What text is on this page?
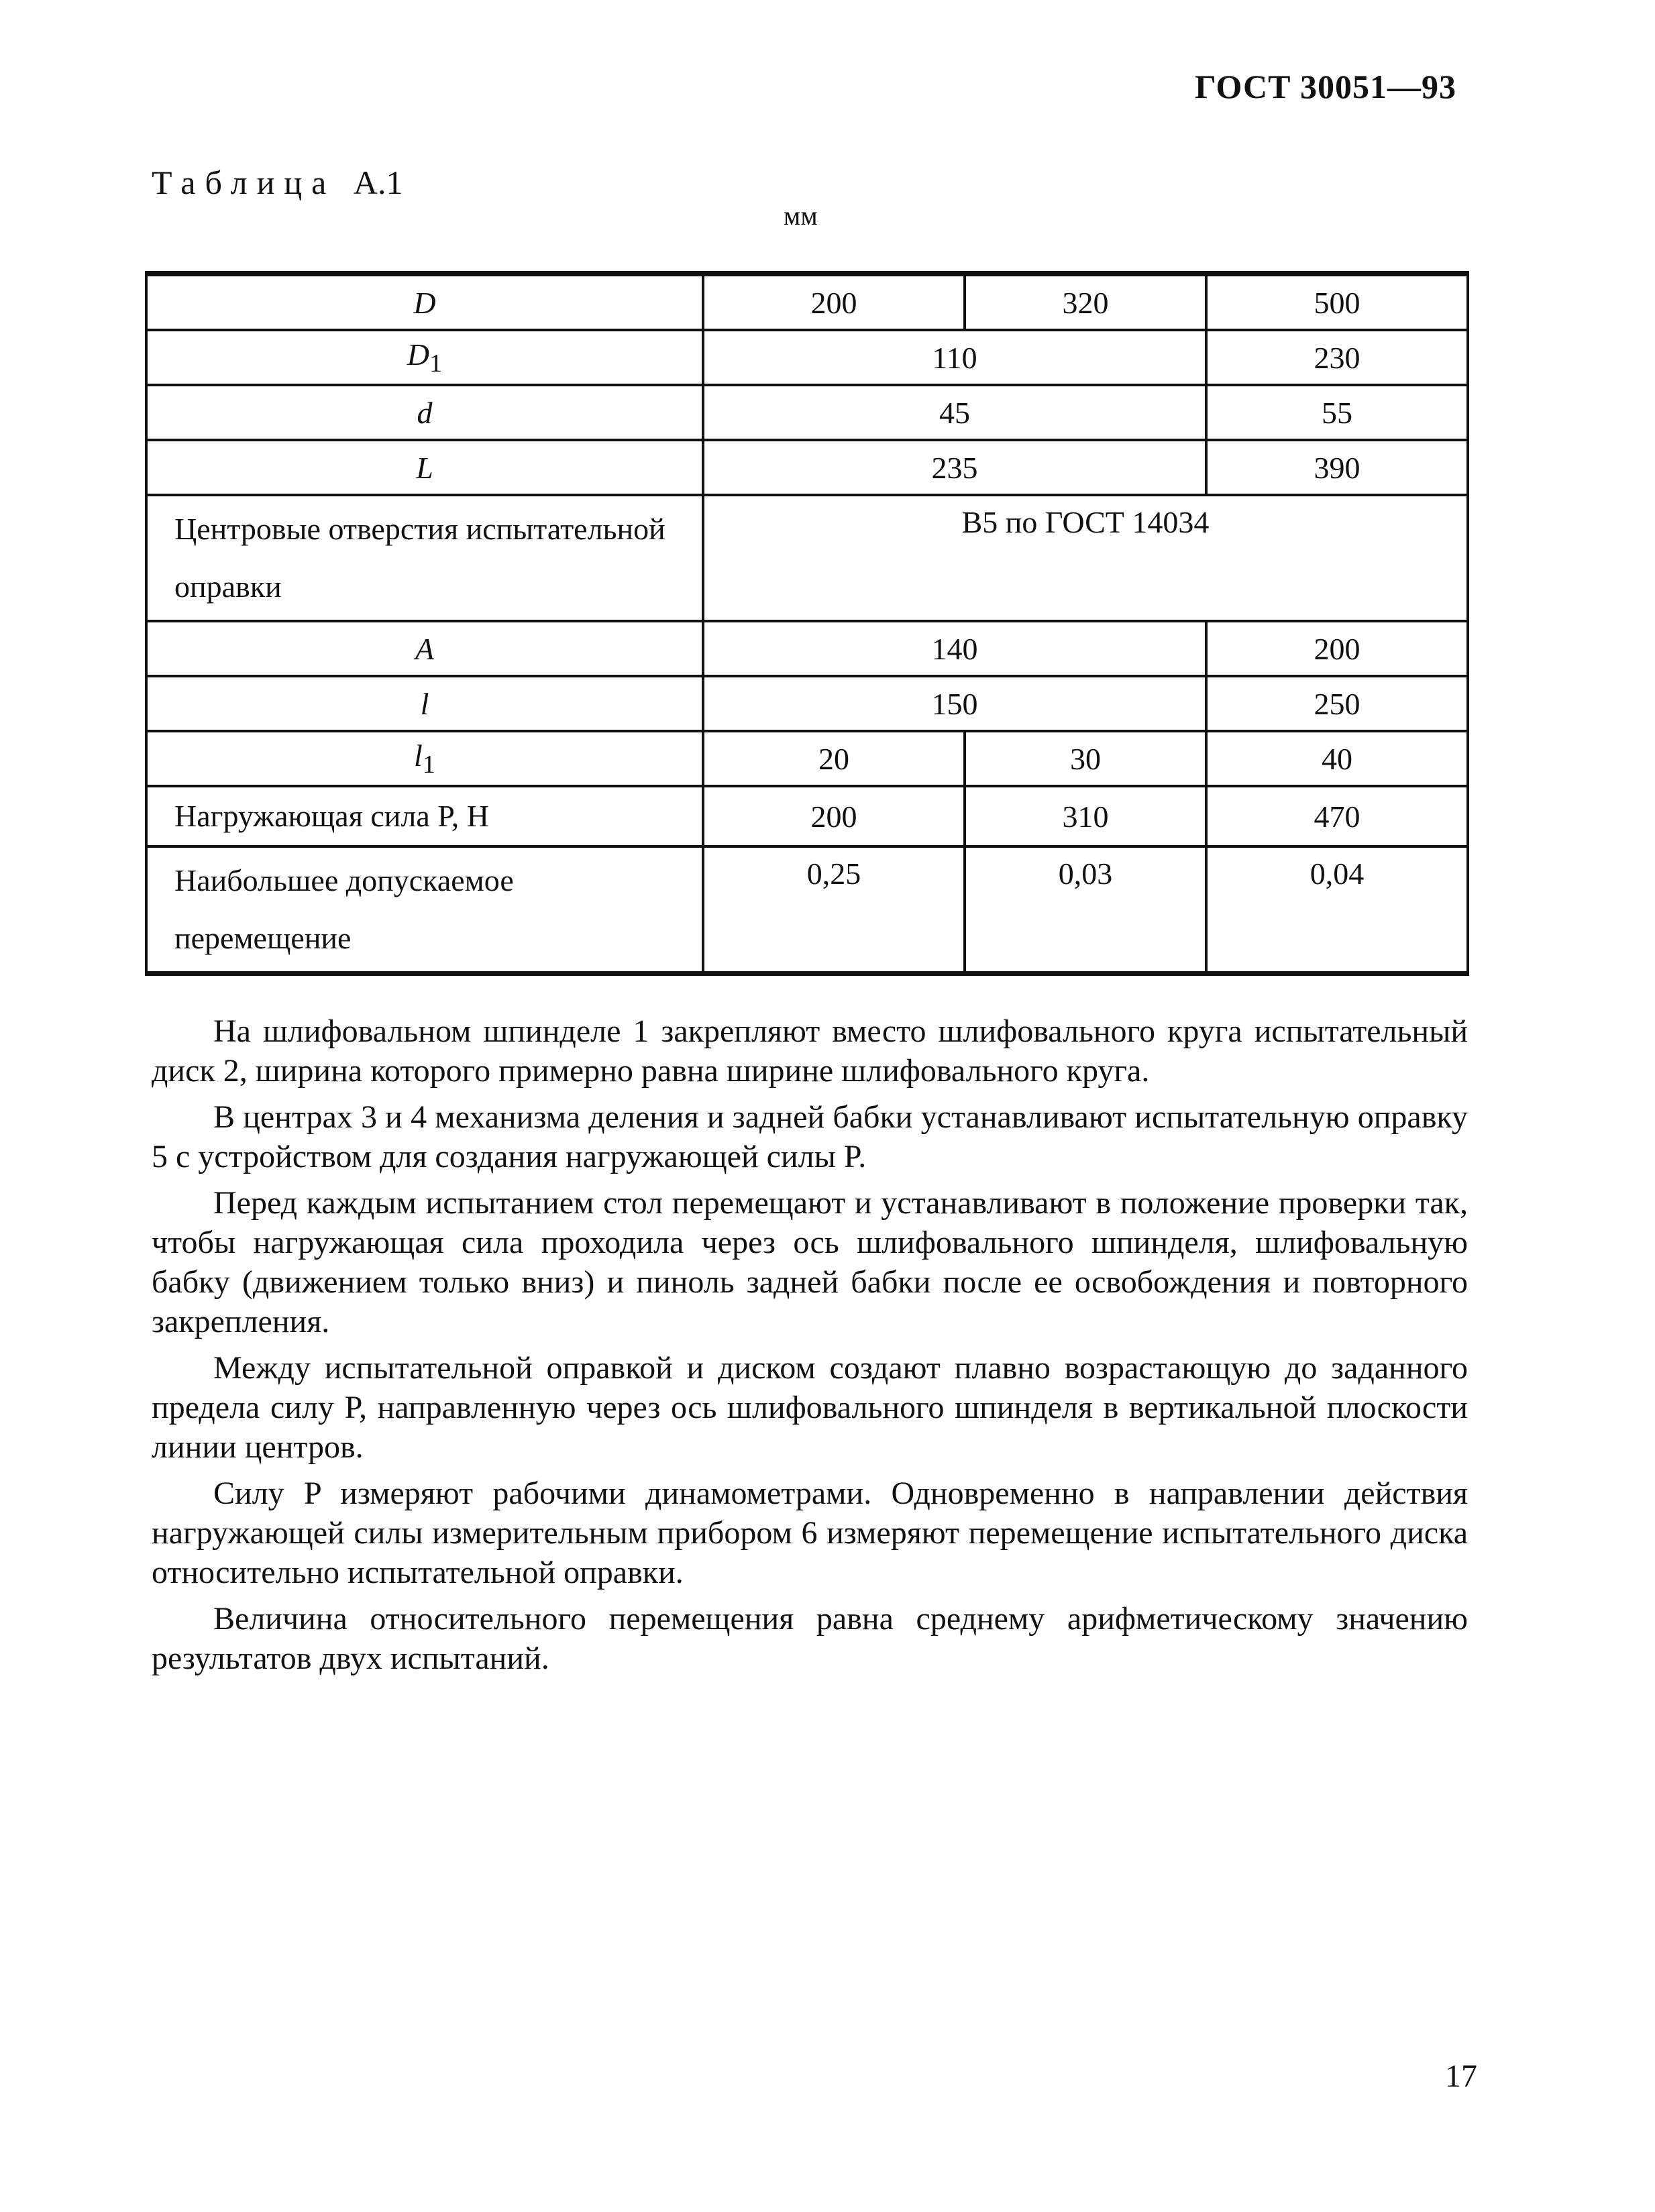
ГОСТ 30051—93
Таблица А.1
мм
D	200	320	500
$D_1$	110		230
d	45		55
L	235		390
Центровые отверстия испытательной оправки	В5 по ГОСТ 14034		
A	140		200
l	150		250
$l_1$	20	30	40
Нагружающая сила P, Н	200	310	470
Наибольшее допускаемое перемещение	0,25	0,03	0,04

На шлифовальном шпинделе 1 закрепляют вместо шлифовального круга испытательный диск 2, ширина которого примерно равна ширине шлифовального круга.

В центрах 3 и 4 механизма деления и задней бабки устанавливают испытательную оправку 5 с устройством для создания нагружающей силы P.

Перед каждым испытанием стол перемещают и устанавливают в положение проверки так, чтобы нагружающая сила проходила через ось шлифовального шпинделя, шлифовальную бабку (движением только вниз) и пиноль задней бабки после ее освобождения и повторного закрепления.

Между испытательной оправкой и диском создают плавно возрастающую до заданного предела силу P, направленную через ось шлифовального шпинделя в вертикальной плоскости линии центров.

Силу P измеряют рабочими динамометрами. Одновременно в направлении действия нагружающей силы измерительным прибором 6 измеряют перемещение испытательного диска относительно испытательной оправки.

Величина относительного перемещения равна среднему арифметическому значению результатов двух испытаний.

17
